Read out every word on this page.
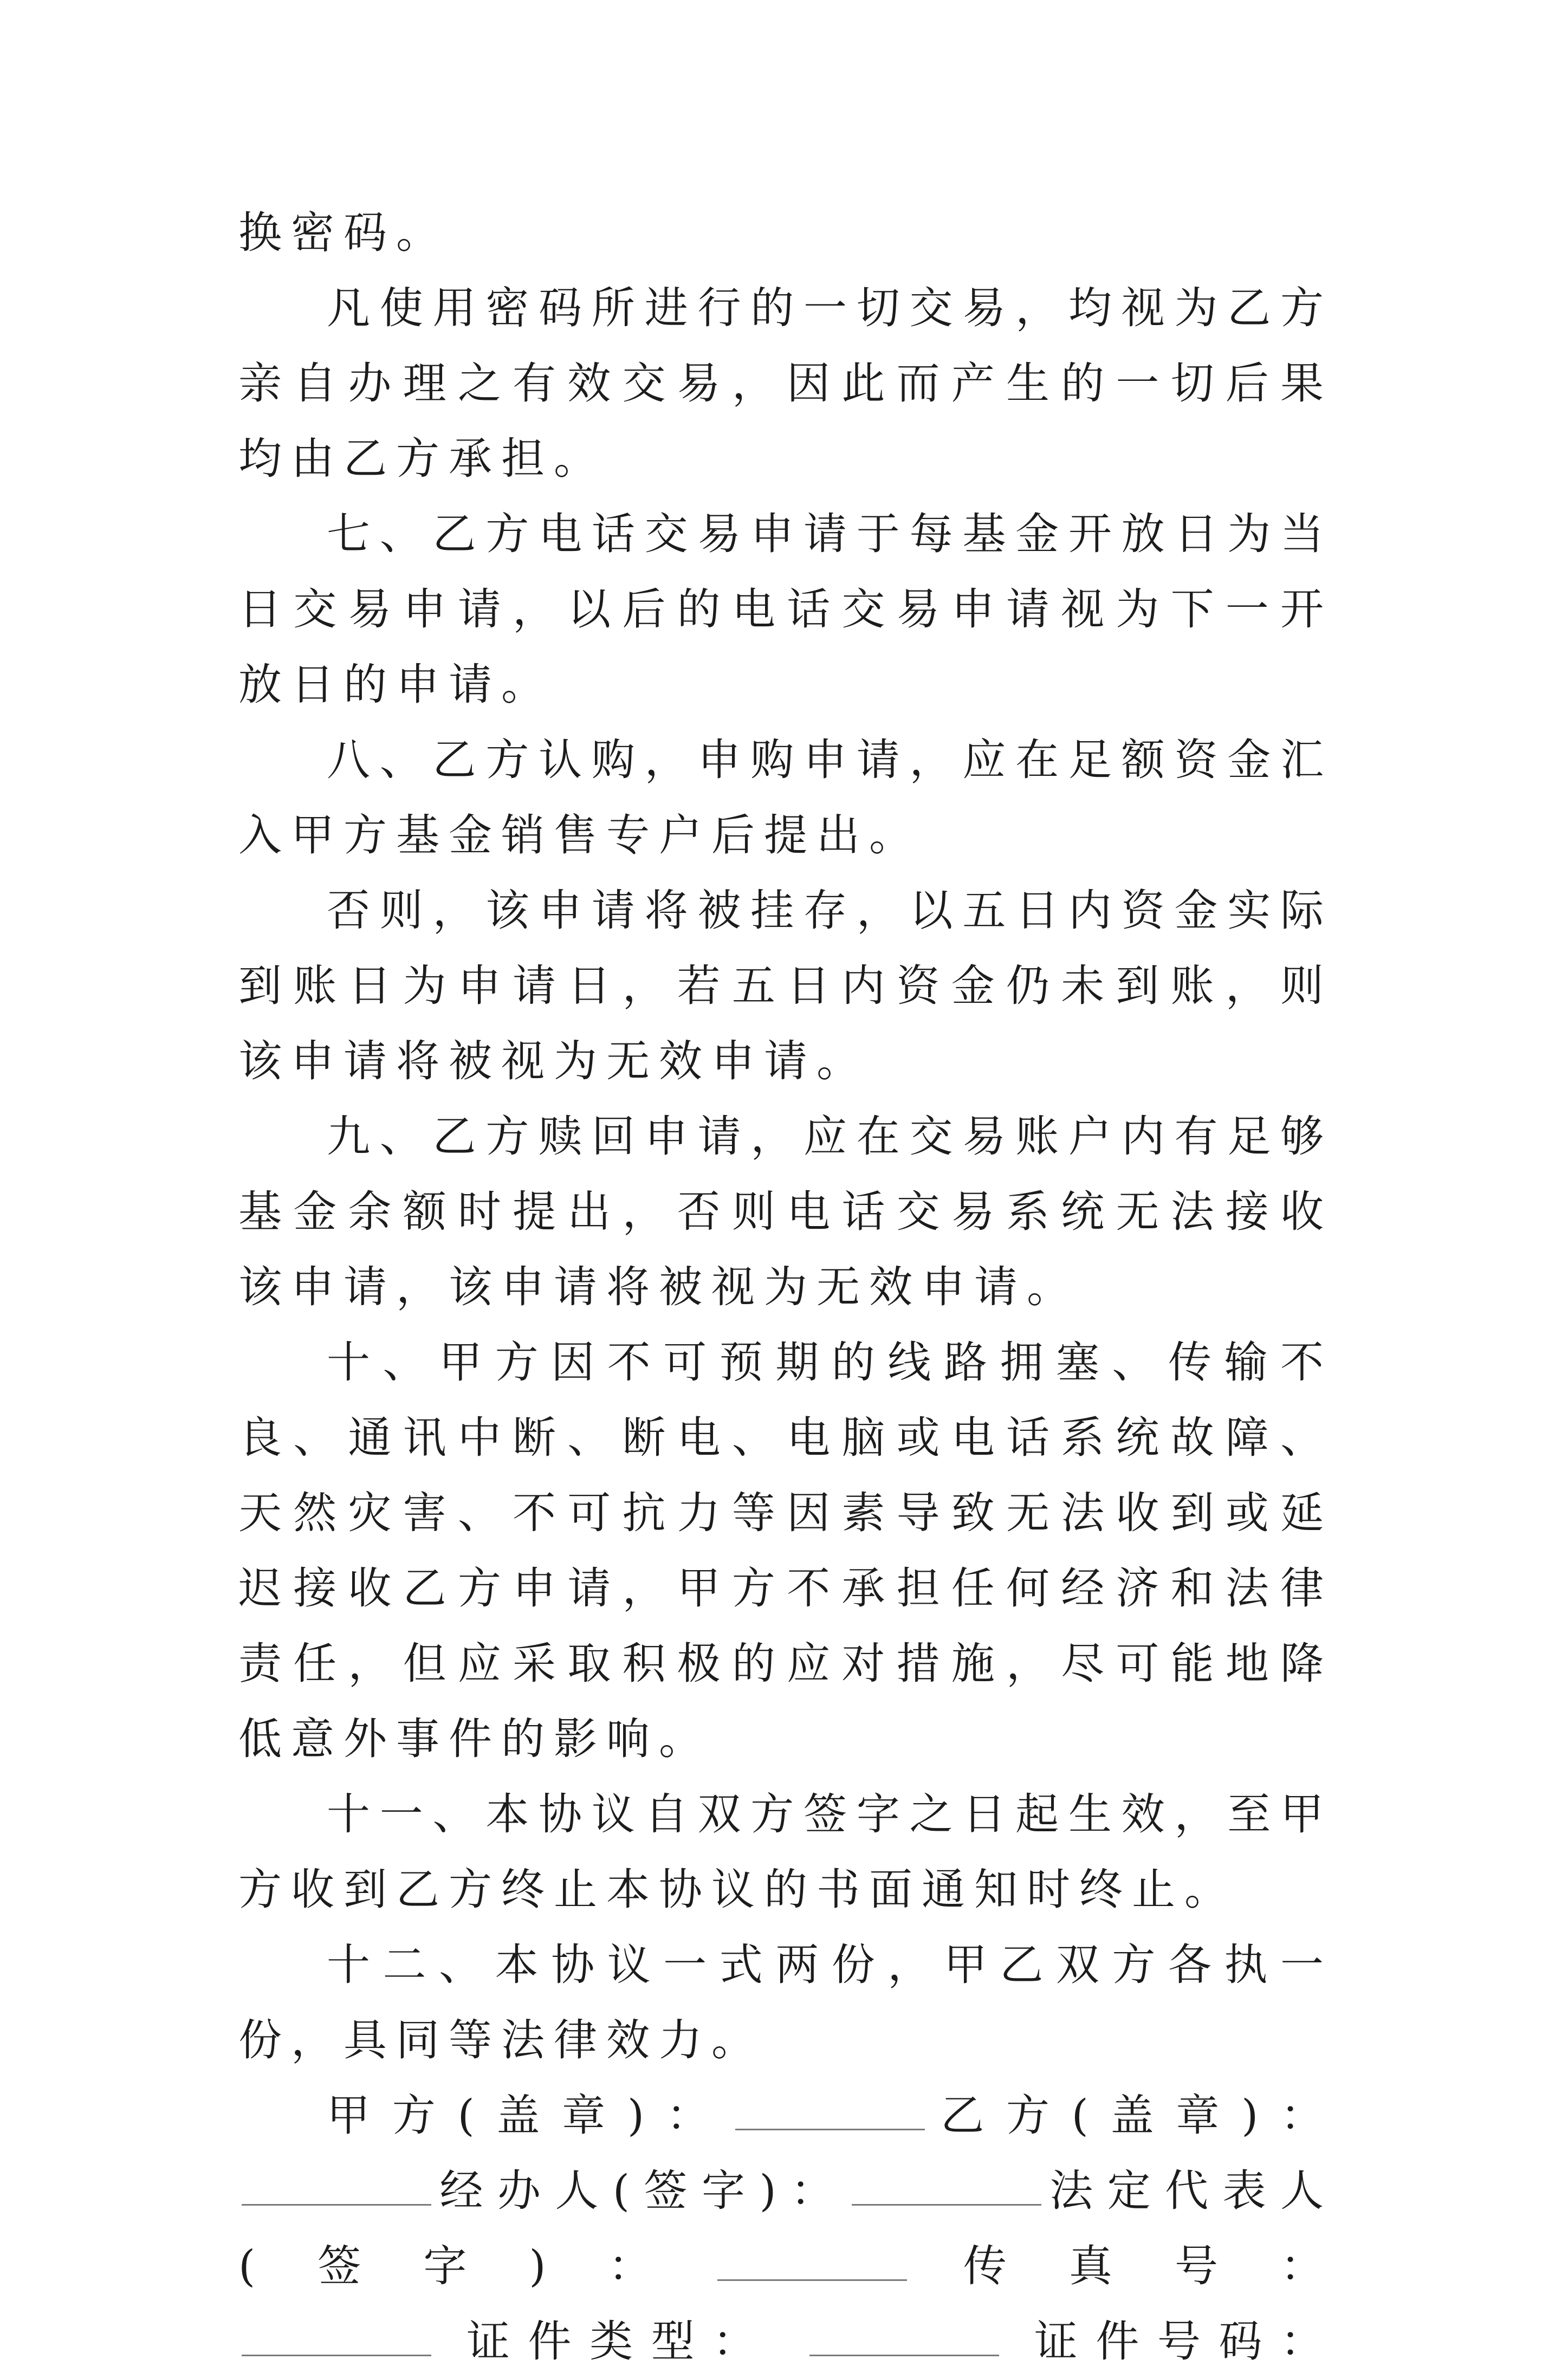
换密码。

凡使用密码所进行的一切交易，均视为乙方亲自办理之有效交易，因此而产生的一切后果均由乙方承担。

七、乙方电话交易申请于每基金开放日为当日交易申请，以后的电话交易申请视为下一开放日的申请。

八、乙方认购，申购申请，应在足额资金汇入甲方基金销售专户后提出。

否则，该申请将被挂存，以五日内资金实际到账日为申请日，若五日内资金仍未到账，则该申请将被视为无效申请。

九、乙方赎回申请，应在交易账户内有足够基金余额时提出，否则电话交易系统无法接收该申请，该申请将被视为无效申请。

十、甲方因不可预期的线路拥塞、传输不良、通讯中断、断电、电脑或电话系统故障、天然灾害、不可抗力等因素导致无法收到或延迟接收乙方申请，甲方不承担任何经济和法律责任，但应采取积极的应对措施，尽可能地降低意外事件的影响。

十一、本协议自双方签字之日起生效，至甲方收到乙方终止本协议的书面通知时终止。

十二、本协议一式两份，甲乙双方各执一份，具同等法律效力。

甲方(盖章)：	乙方(盖章)：经办人(签字)：	法定代表人(签字)：	传真号：
证件类型：	证件号码：
